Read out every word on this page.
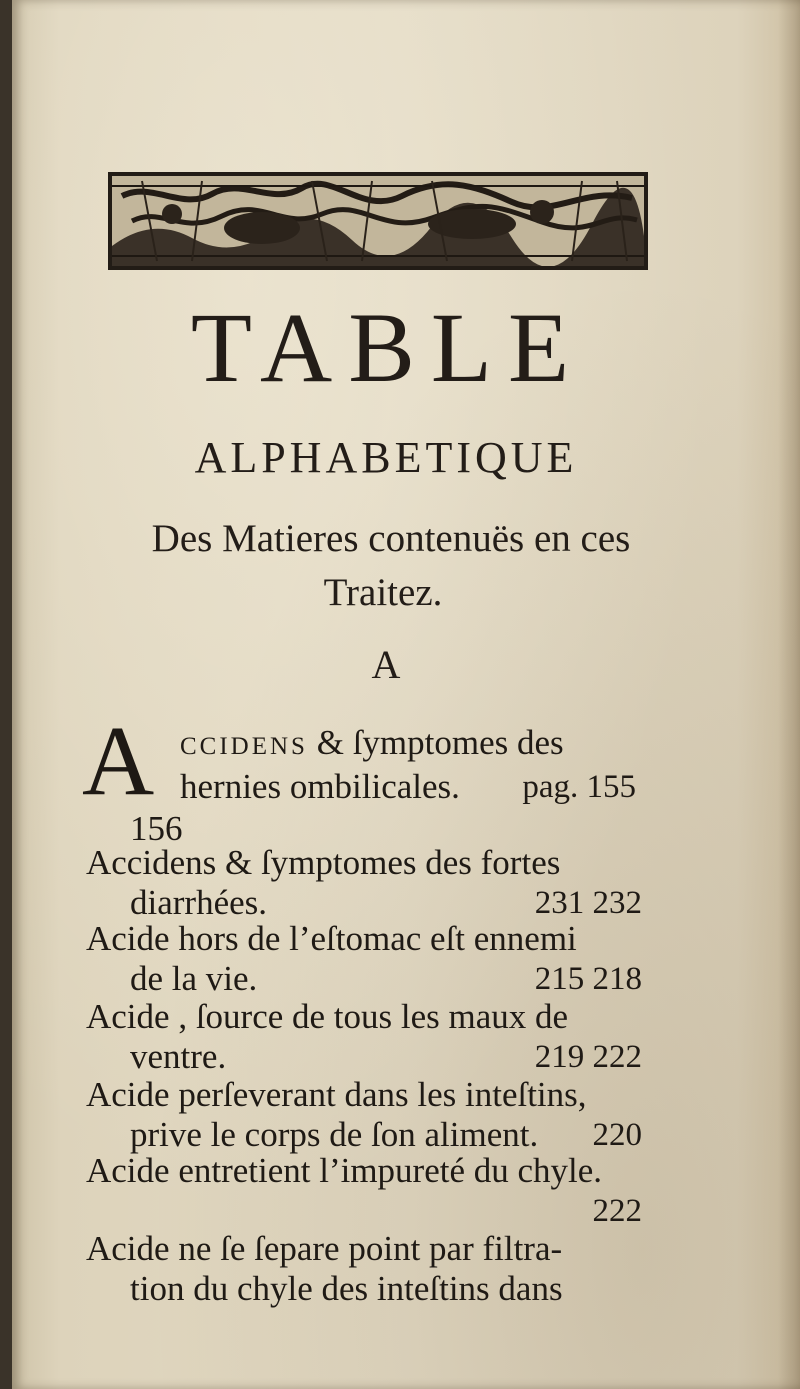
TABLE
ALPHABETIQUE
Des Matieres contenuës en ces
Traitez.
A
A ccidens & ſymptomes des
hernies ombilicales. pag. 155
156
Accidens & ſymptomes des fortes
diarrhées.	231 232
Acide hors de l’eſtomac eſt ennemi
de la vie.	215 218
Acide , ſource de tous les maux de
ventre.	219 222
Acide perſeverant dans les inteſtins,
prive le corps de ſon aliment. 220
Acide entretient l’impureté du chyle.
222
Acide ne ſe ſepare point par filtra-
tion du chyle des inteſtins dans
